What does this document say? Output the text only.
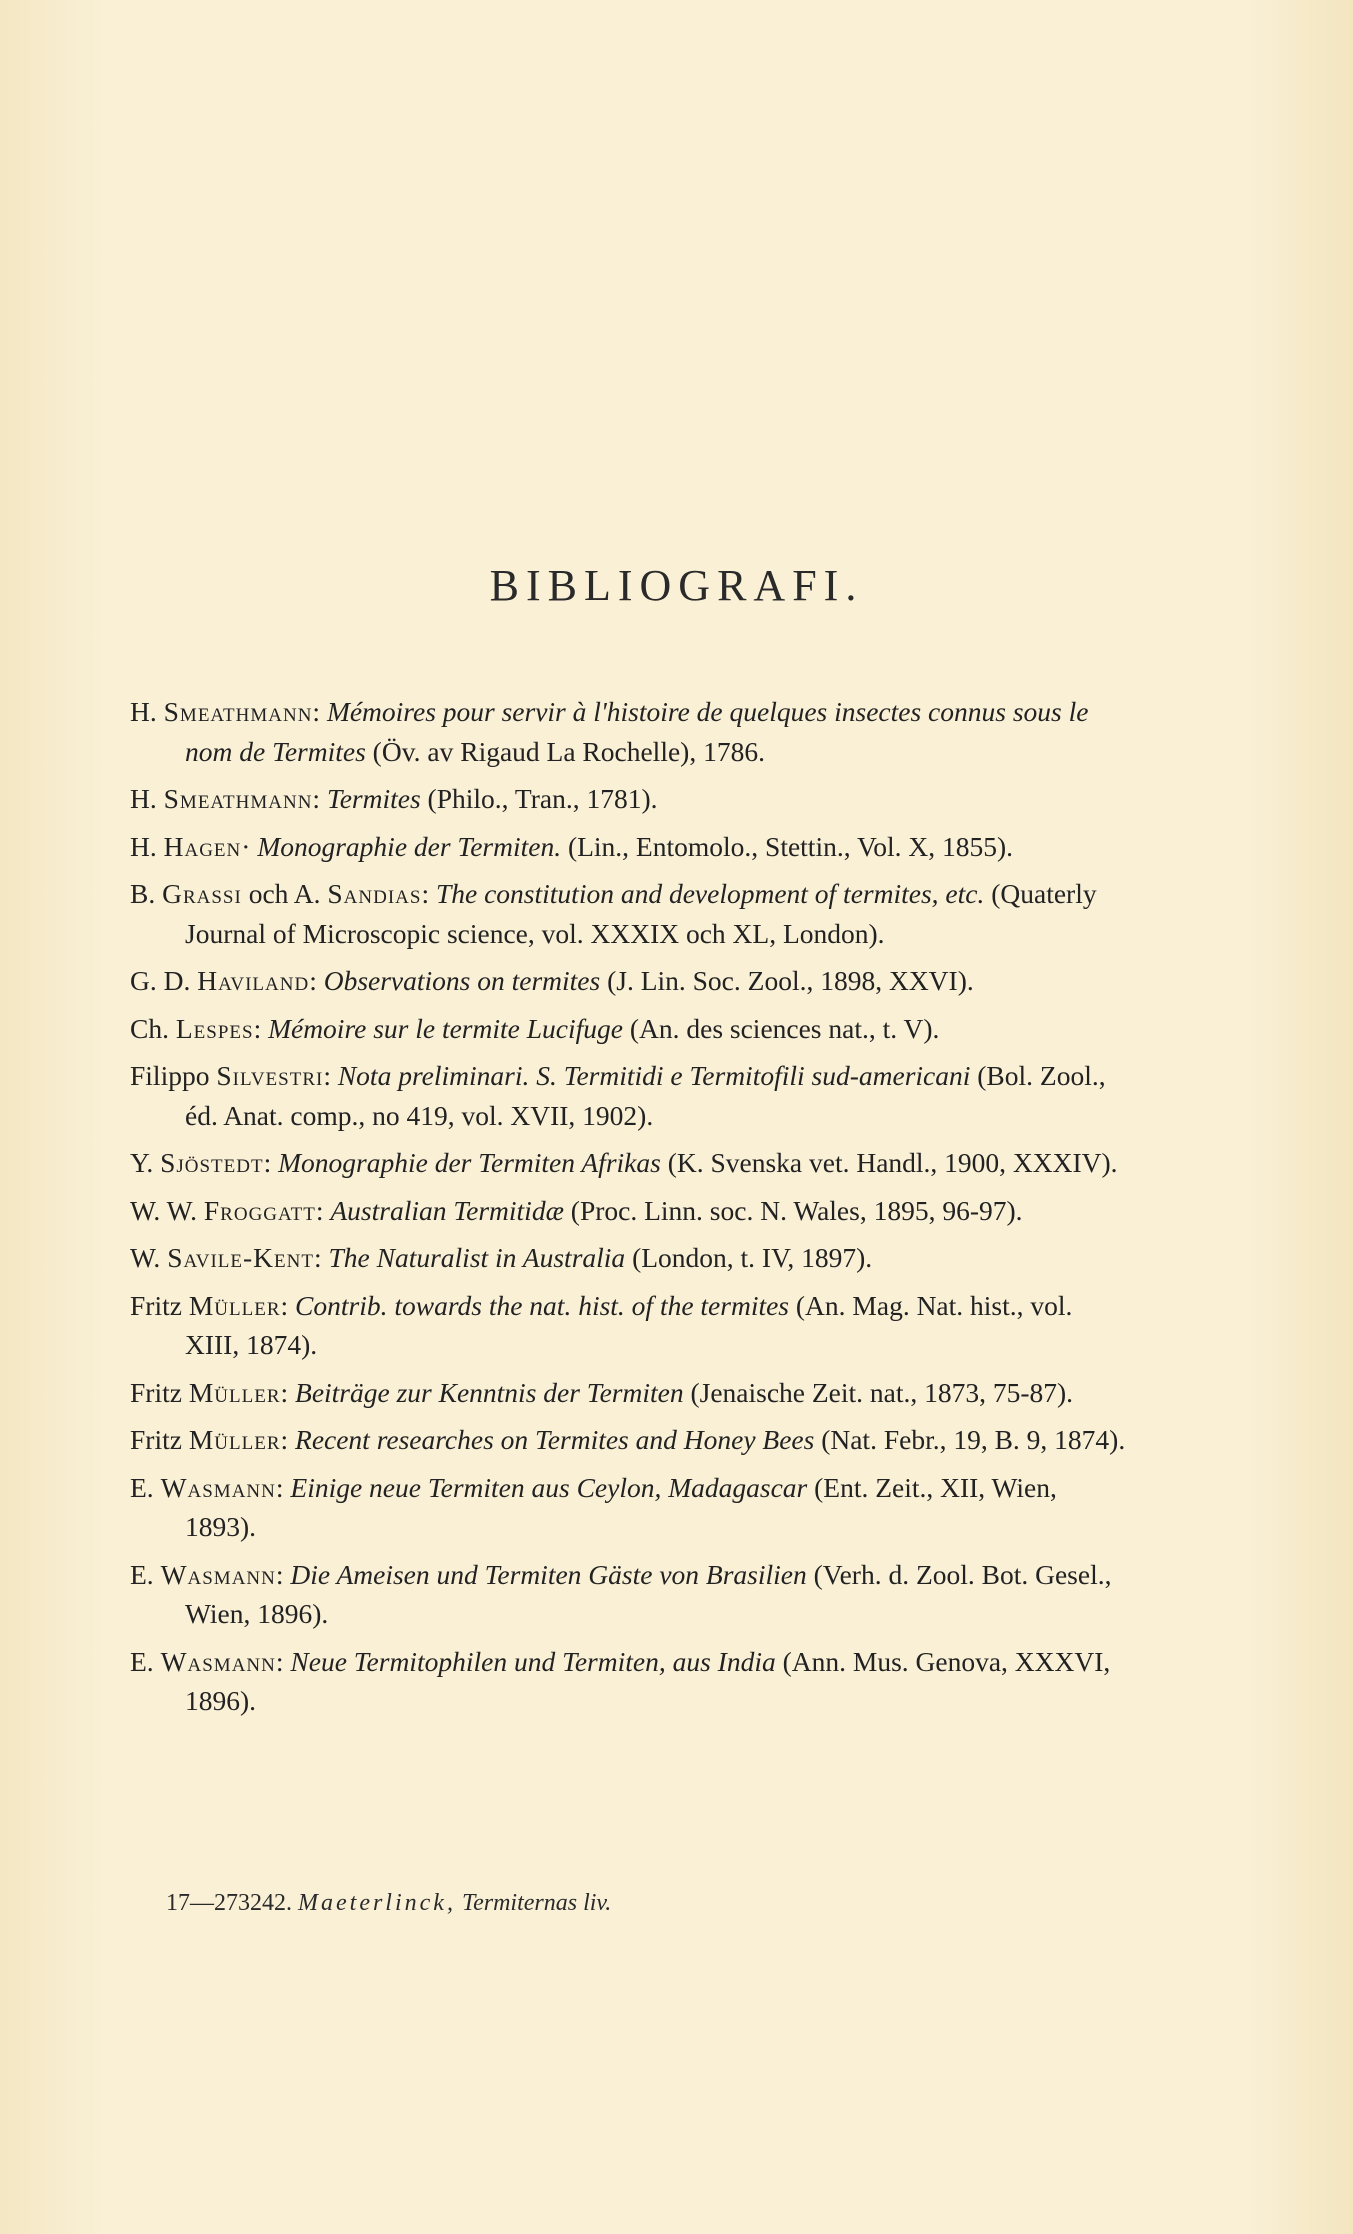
BIBLIOGRAFI.
H. Smeathmann: Mémoires pour servir à l'histoire de quelques insectes connus sous le nom de Termites (Öv. av Rigaud La Rochelle), 1786.
H. Smeathmann: Termites (Philo., Tran., 1781).
H. Hagen· Monographie der Termiten. (Lin., Entomolo., Stettin., Vol. X, 1855).
B. Grassi och A. Sandias: The constitution and development of termites, etc. (Quaterly Journal of Microscopic science, vol. XXXIX och XL, London).
G. D. Haviland: Observations on termites (J. Lin. Soc. Zool., 1898, XXVI).
Ch. Lespes: Mémoire sur le termite Lucifuge (An. des sciences nat., t. V).
Filippo Silvestri: Nota preliminari. S. Termitidi e Termitofili sud-americani (Bol. Zool., éd. Anat. comp., no 419, vol. XVII, 1902).
Y. Sjöstedt: Monographie der Termiten Afrikas (K. Svenska vet. Handl., 1900, XXXIV).
W. W. Froggatt: Australian Termitidæ (Proc. Linn. soc. N. Wales, 1895, 96-97).
W. Savile-Kent: The Naturalist in Australia (London, t. IV, 1897).
Fritz Müller: Contrib. towards the nat. hist. of the termites (An. Mag. Nat. hist., vol. XIII, 1874).
Fritz Müller: Beiträge zur Kenntnis der Termiten (Jenaische Zeit. nat., 1873, 75-87).
Fritz Müller: Recent researches on Termites and Honey Bees (Nat. Febr., 19, B. 9, 1874).
E. Wasmann: Einige neue Termiten aus Ceylon, Madagascar (Ent. Zeit., XII, Wien, 1893).
E. Wasmann: Die Ameisen und Termiten Gäste von Brasilien (Verh. d. Zool. Bot. Gesel., Wien, 1896).
E. Wasmann: Neue Termitophilen und Termiten, aus India (Ann. Mus. Genova, XXXVI, 1896).
17—273242. Maeterlinck, Termiternas liv.
